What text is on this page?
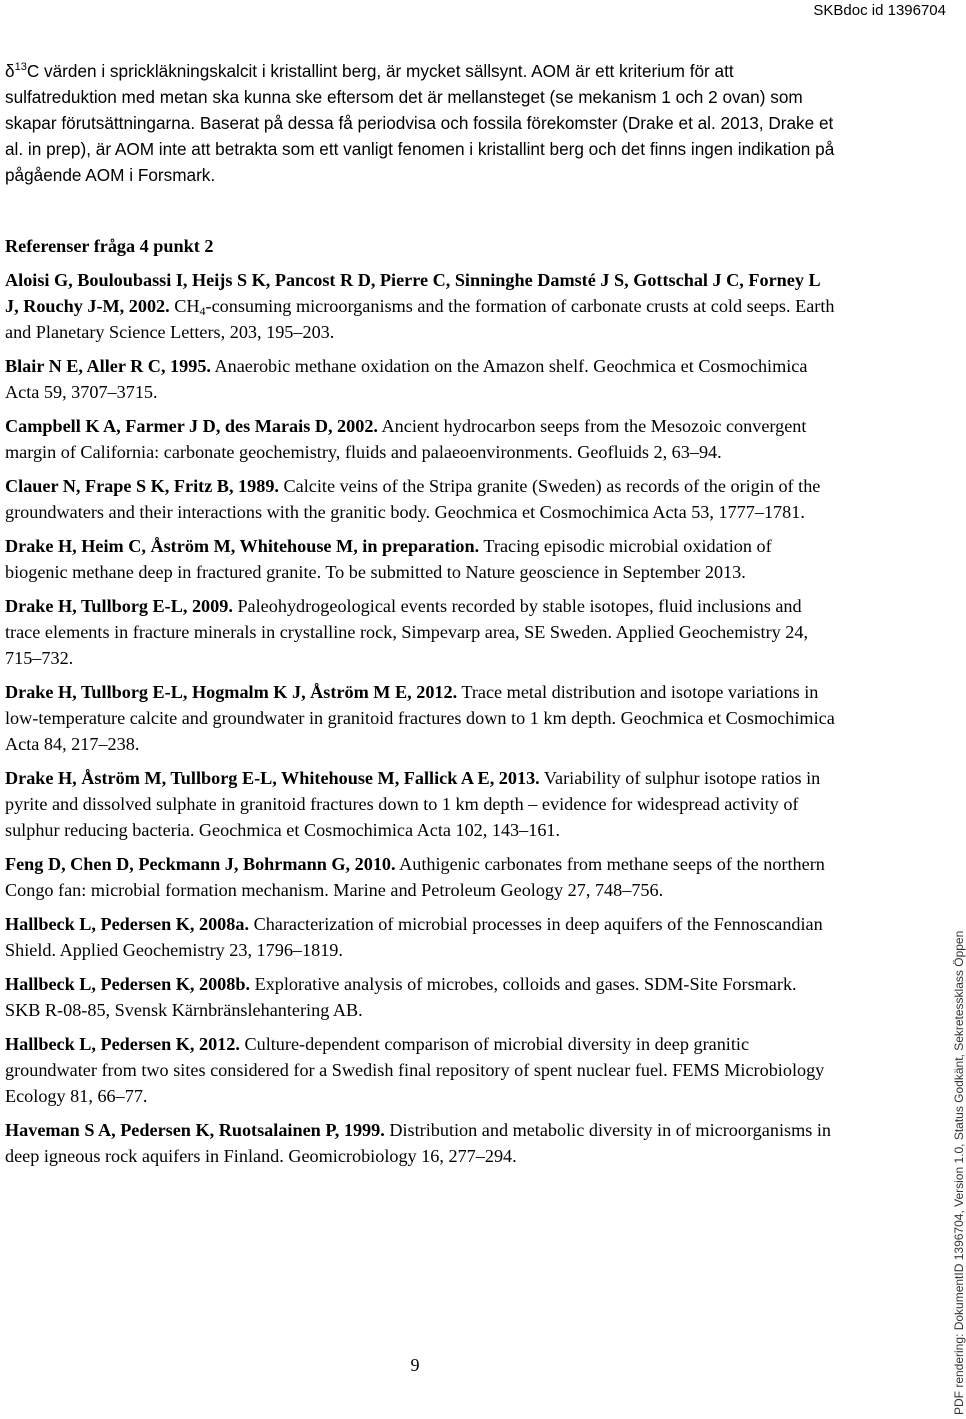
SKBdoc id 1396704

$\delta^{13}C$ värden i sprickläkningskalcit i kristallint berg, är mycket sällsynt. AOM är ett kriterium för att sulfatreduktion med metan ska kunna ske eftersom det är mellansteget (se mekanism 1 och 2 ovan) som skapar förutsättningarna. Baserat på dessa få periodvisa och fossila förekomster (Drake et al. 2013, Drake et al. in prep), är AOM inte att betrakta som ett vanligt fenomen i kristallint berg och det finns ingen indikation på pågående AOM i Forsmark.

Referenser fråga 4 punkt 2

Aloisi G, Bouloubassi I, Heijs S K, Pancost R D, Pierre C, Sinninghe Damsté J S, Gottschal J C, Forney L J, Rouchy J-M, 2002. $CH_4$-consuming microorganisms and the formation of carbonate crusts at cold seeps. Earth and Planetary Science Letters, 203, 195–203.

Blair N E, Aller R C, 1995. Anaerobic methane oxidation on the Amazon shelf. Geochmica et Cosmochimica Acta 59, 3707–3715.

Campbell K A, Farmer J D, des Marais D, 2002. Ancient hydrocarbon seeps from the Mesozoic convergent margin of California: carbonate geochemistry, fluids and palaeoenvironments. Geofluids 2, 63–94.

Clauer N, Frape S K, Fritz B, 1989. Calcite veins of the Stripa granite (Sweden) as records of the origin of the groundwaters and their interactions with the granitic body. Geochmica et Cosmochimica Acta 53, 1777–1781.

Drake H, Heim C, Åström M, Whitehouse M, in preparation. Tracing episodic microbial oxidation of biogenic methane deep in fractured granite. To be submitted to Nature geoscience in September 2013.

Drake H, Tullborg E-L, 2009. Paleohydrogeological events recorded by stable isotopes, fluid inclusions and trace elements in fracture minerals in crystalline rock, Simpevarp area, SE Sweden. Applied Geochemistry 24, 715–732.

Drake H, Tullborg E-L, Hogmalm K J, Åström M E, 2012. Trace metal distribution and isotope variations in low-temperature calcite and groundwater in granitoid fractures down to 1 km depth. Geochmica et Cosmochimica Acta 84, 217–238.

Drake H, Åström M, Tullborg E-L, Whitehouse M, Fallick A E, 2013. Variability of sulphur isotope ratios in pyrite and dissolved sulphate in granitoid fractures down to 1 km depth – evidence for widespread activity of sulphur reducing bacteria. Geochmica et Cosmochimica Acta 102, 143–161.

Feng D, Chen D, Peckmann J, Bohrmann G, 2010. Authigenic carbonates from methane seeps of the northern Congo fan: microbial formation mechanism. Marine and Petroleum Geology 27, 748–756.

Hallbeck L, Pedersen K, 2008a. Characterization of microbial processes in deep aquifers of the Fennoscandian Shield. Applied Geochemistry 23, 1796–1819.

Hallbeck L, Pedersen K, 2008b. Explorative analysis of microbes, colloids and gases. SDM-Site Forsmark. SKB R-08-85, Svensk Kärnbränslehantering AB.

Hallbeck L, Pedersen K, 2012. Culture-dependent comparison of microbial diversity in deep granitic groundwater from two sites considered for a Swedish final repository of spent nuclear fuel. FEMS Microbiology Ecology 81, 66–77.

Haveman S A, Pedersen K, Ruotsalainen P, 1999. Distribution and metabolic diversity in of microorganisms in deep igneous rock aquifers in Finland. Geomicrobiology 16, 277–294.

9	PDF rendering: DokumentID 1396704, Version 1.0, Status Godkänt, Sekretessklass Öppen
